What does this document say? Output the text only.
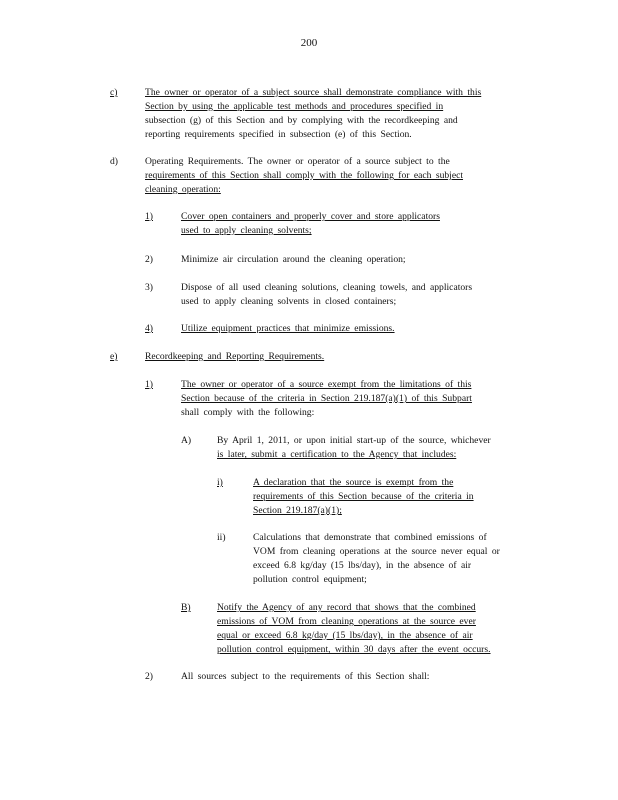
200
c)	The owner or operator of a subject source shall demonstrate compliance with this
Section by using the applicable test methods and procedures specified in
subsection (g) of this Section and by complying with the recordkeeping and
reporting requirements specified in subsection (e) of this Section.
d)	Operating Requirements. The owner or operator of a source subject to the
requirements of this Section shall comply with the following for each subject
cleaning operation:
1)	Cover open containers and properly cover and store applicators
used to apply cleaning solvents;
2)	Minimize air circulation around the cleaning operation;
3)	Dispose of all used cleaning solutions, cleaning towels, and applicators
used to apply cleaning solvents in closed containers;
4)	Utilize equipment practices that minimize emissions.
e)	Recordkeeping and Reporting Requirements.
1)	The owner or operator of a source exempt from the limitations of this
Section because of the criteria in Section 219.187(a)(1) of this Subpart
shall comply with the following:
A)	By April 1, 2011, or upon initial start-up of the source, whichever
is later, submit a certification to the Agency that includes:
i)	A declaration that the source is exempt from the
requirements of this Section because of the criteria in
Section 219.187(a)(1);
ii)	Calculations that demonstrate that combined emissions of
VOM from cleaning operations at the source never equal or
exceed 6.8 kg/day (15 lbs/day), in the absence of air
pollution control equipment;
B)	Notify the Agency of any record that shows that the combined
emissions of VOM from cleaning operations at the source ever
equal or exceed 6.8 kg/day (15 lbs/day), in the absence of air
pollution control equipment, within 30 days after the event occurs.
2)	All sources subject to the requirements of this Section shall:
